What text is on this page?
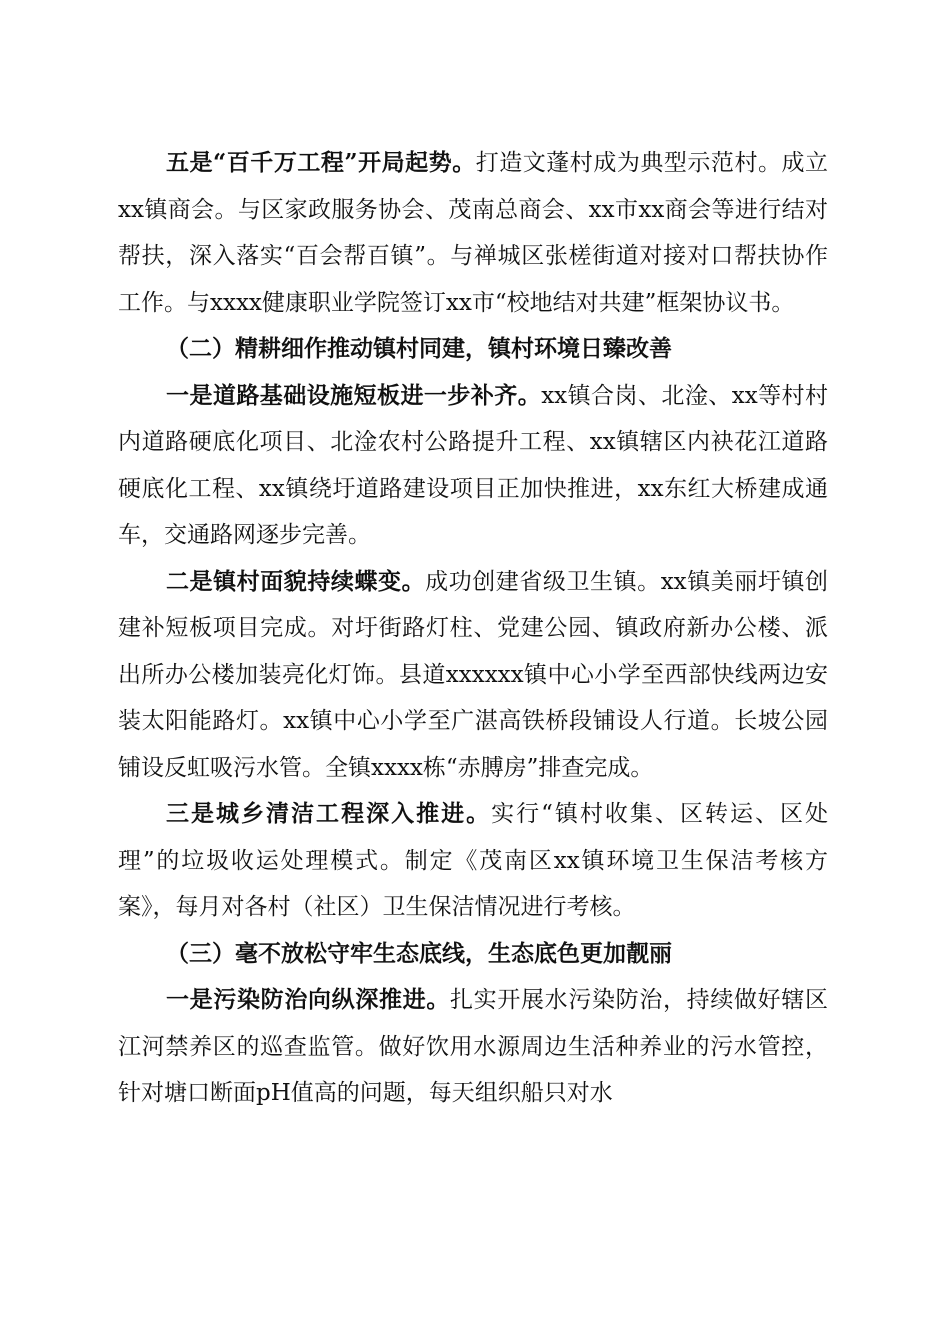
五是“百千万工程”开局起势。打造文蓬村成为典型示范村。成立xx镇商会。与区家政服务协会、茂南总商会、xx市xx商会等进行结对帮扶，深入落实“百会帮百镇”。与禅城区张槎街道对接对口帮扶协作工作。与xxxx健康职业学院签订xx市“校地结对共建”框架协议书。

（二）精耕细作推动镇村同建，镇村环境日臻改善

一是道路基础设施短板进一步补齐。xx镇合岗、北淦、xx等村村内道路硬底化项目、北淦农村公路提升工程、xx镇辖区内袂花江道路硬底化工程、xx镇绕圩道路建设项目正加快推进，xx东红大桥建成通车，交通路网逐步完善。

二是镇村面貌持续蝶变。成功创建省级卫生镇。xx镇美丽圩镇创建补短板项目完成。对圩街路灯柱、党建公园、镇政府新办公楼、派出所办公楼加装亮化灯饰。县道xxxxxx镇中心小学至西部快线两边安装太阳能路灯。xx镇中心小学至广湛高铁桥段铺设人行道。长坡公园铺设反虹吸污水管。全镇xxxx栋“赤膊房”排查完成。

三是城乡清洁工程深入推进。实行“镇村收集、区转运、区处理”的垃圾收运处理模式。制定《茂南区xx镇环境卫生保洁考核方案》，每月对各村（社区）卫生保洁情况进行考核。

（三）毫不放松守牢生态底线，生态底色更加靓丽

一是污染防治向纵深推进。扎实开展水污染防治，持续做好辖区江河禁养区的巡查监管。做好饮用水源周边生活种养业的污水管控，针对塘口断面pH值高的问题，每天组织船只对水
